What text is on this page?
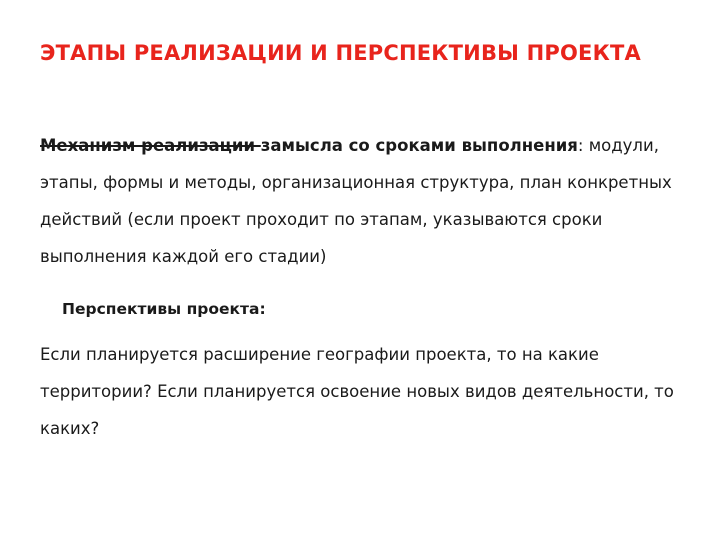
ЭТАПЫ РЕАЛИЗАЦИИ И ПЕРСПЕКТИВЫ ПРОЕКТА

Механизм реализации замысла со сроками выполнения: модули, этапы, формы и методы, организационная структура, план конкретных действий (если проект проходит по этапам, указываются сроки выполнения каждой его стадии)

Перспективы проекта:

Если планируется расширение географии проекта, то на какие территории? Если планируется освоение новых видов деятельности, то каких?
